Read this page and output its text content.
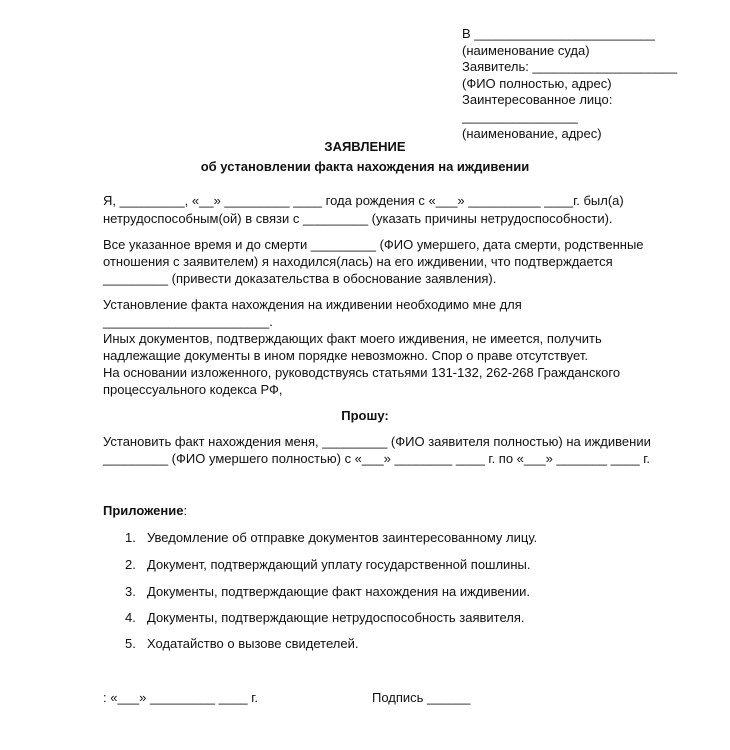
В _________________________
(наименование суда)
Заявитель: ____________________
(ФИО полностью, адрес)
Заинтересованное лицо:
________________
(наименование, адрес)
ЗАЯВЛЕНИЕ
об установлении факта нахождения на иждивении
Я, _________, «__» _________ ____ года рождения с «___» __________ ____г. был(а)
нетрудоспособным(ой) в связи с _________ (указать причины нетрудоспособности).
Все указанное время и до смерти _________ (ФИО умершего, дата смерти, родственные
отношения с заявителем) я находился(лась) на его иждивении, что подтверждается
_________ (привести доказательства в обоснование заявления).
Установление факта нахождения на иждивении необходимо мне для
_______________________.
Иных документов, подтверждающих факт моего иждивения, не имеется, получить
надлежащие документы в ином порядке невозможно. Спор о праве отсутствует.
На основании изложенного, руководствуясь статьями 131-132, 262-268 Гражданского
процессуального кодекса РФ,
Прошу:
Установить факт нахождения меня, _________ (ФИО заявителя полностью) на иждивении
_________ (ФИО умершего полностью) с «___» ________ ____ г. по «___» _______ ____ г.
Приложение:
1. Уведомление об отправке документов заинтересованному лицу.
2. Документ, подтверждающий уплату государственной пошлины.
3. Документы, подтверждающие факт нахождения на иждивении.
4. Документы, подтверждающие нетрудоспособность заявителя.
5. Ходатайство о вызове свидетелей.
: «___» _________ ____ г.	Подпись ______
